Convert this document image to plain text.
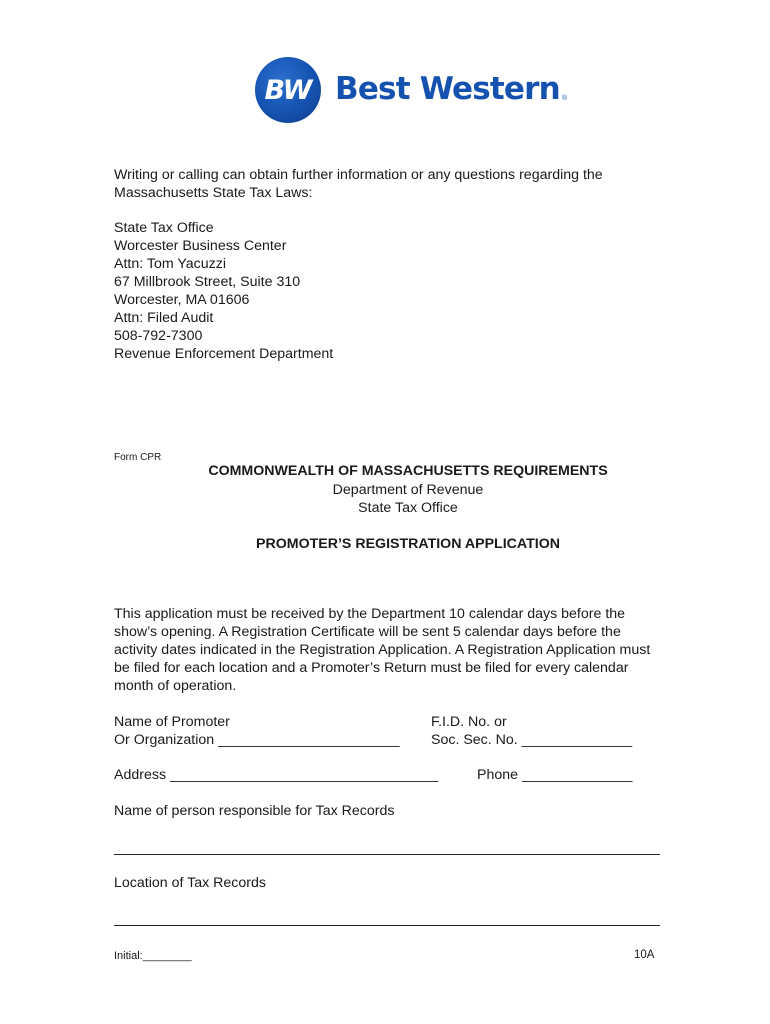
BW Best Western ®
Writing or calling can obtain further information or any questions regarding the
Massachusetts State Tax Laws:
State Tax Office
Worcester Business Center
Attn: Tom Yacuzzi
67 Millbrook Street, Suite 310
Worcester, MA 01606
Attn: Filed Audit
508-792-7300
Revenue Enforcement Department
Form CPR
COMMONWEALTH OF MASSACHUSETTS REQUIREMENTS
Department of Revenue
State Tax Office
PROMOTER’S REGISTRATION APPLICATION
This application must be received by the Department 10 calendar days before the
show’s opening. A Registration Certificate will be sent 5 calendar days before the
activity dates indicated in the Registration Application. A Registration Application must
be filed for each location and a Promoter’s Return must be filed for every calendar
month of operation.
Name of Promoter
Or Organization _______________________
F.I.D. No. or
Soc. Sec. No. ______________
Address __________________________________	Phone ______________
Name of person responsible for Tax Records
Location of Tax Records
Initial:________	10A
